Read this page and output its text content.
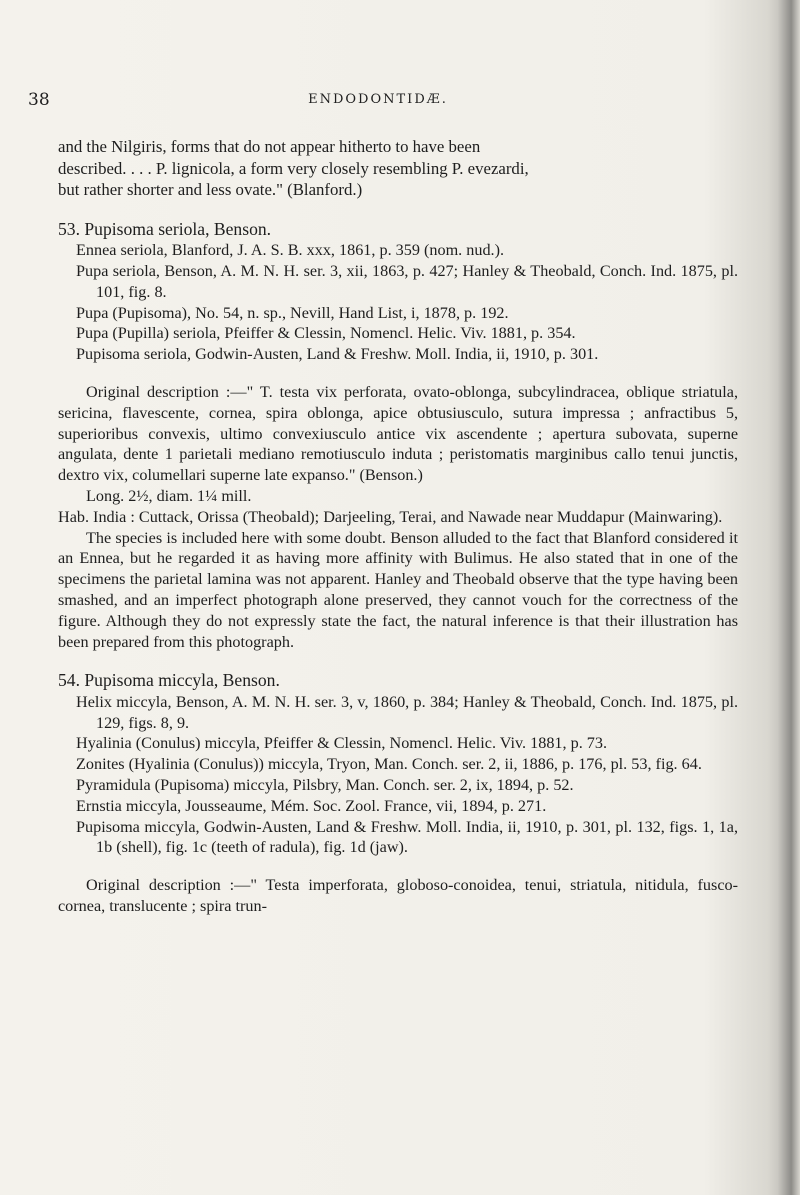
38	ENDODONTIDÆ.

and the Nilgiris, forms that do not appear hitherto to have been

described. . . . P. lignicola, a form very closely resembling P. evezardi,

but rather shorter and less ovate." (Blanford.)

53. Pupisoma seriola, Benson.

Ennea seriola, Blanford, J. A. S. B. xxx, 1861, p. 359 (nom. nud.).

Pupa seriola, Benson, A. M. N. H. ser. 3, xii, 1863, p. 427; Hanley & Theobald, Conch. Ind. 1875, pl. 101, fig. 8.

Pupa (Pupisoma), No. 54, n. sp., Nevill, Hand List, i, 1878, p. 192.

Pupa (Pupilla) seriola, Pfeiffer & Clessin, Nomencl. Helic. Viv. 1881, p. 354.

Pupisoma seriola, Godwin-Austen, Land & Freshw. Moll. India, ii, 1910, p. 301.

Original description :—" T. testa vix perforata, ovato-oblonga, subcylindracea, oblique striatula, sericina, flavescente, cornea, spira oblonga, apice obtusiusculo, sutura impressa ; anfractibus 5, superioribus convexis, ultimo convexiusculo antice vix ascendente ; apertura subovata, superne angulata, dente 1 parietali mediano remotiusculo induta ; peristomatis marginibus callo tenui junctis, dextro vix, columellari superne late expanso." (Benson.)

Long. 2½, diam. 1¼ mill.
Hab. India : Cuttack, Orissa (Theobald); Darjeeling, Terai, and Nawade near Muddapur (Mainwaring).

The species is included here with some doubt. Benson alluded to the fact that Blanford considered it an Ennea, but he regarded it as having more affinity with Bulimus. He also stated that in one of the specimens the parietal lamina was not apparent. Hanley and Theobald observe that the type having been smashed, and an imperfect photograph alone preserved, they cannot vouch for the correctness of the figure. Although they do not expressly state the fact, the natural inference is that their illustration has been prepared from this photograph.

54. Pupisoma miccyla, Benson.

Helix miccyla, Benson, A. M. N. H. ser. 3, v, 1860, p. 384; Hanley & Theobald, Conch. Ind. 1875, pl. 129, figs. 8, 9.

Hyalinia (Conulus) miccyla, Pfeiffer & Clessin, Nomencl. Helic. Viv. 1881, p. 73.

Zonites (Hyalinia (Conulus)) miccyla, Tryon, Man. Conch. ser. 2, ii, 1886, p. 176, pl. 53, fig. 64.

Pyramidula (Pupisoma) miccyla, Pilsbry, Man. Conch. ser. 2, ix, 1894, p. 52.

Ernstia miccyla, Jousseaume, Mém. Soc. Zool. France, vii, 1894, p. 271.

Pupisoma miccyla, Godwin-Austen, Land & Freshw. Moll. India, ii, 1910, p. 301, pl. 132, figs. 1, 1a, 1b (shell), fig. 1c (teeth of radula), fig. 1d (jaw).

Original description :—" Testa imperforata, globoso-conoidea, tenui, striatula, nitidula, fusco-cornea, translucente ; spira trun-
